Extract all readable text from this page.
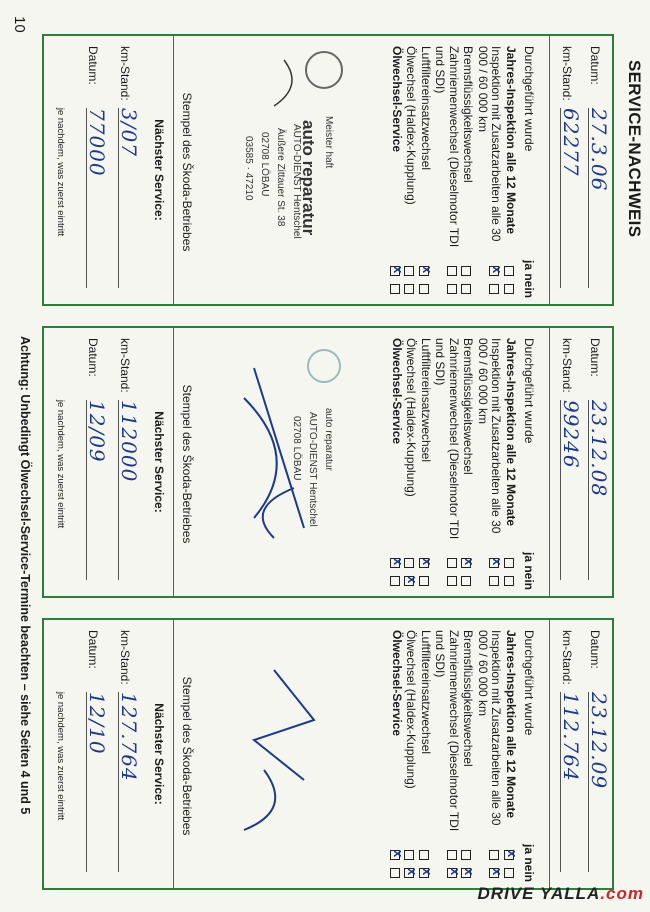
10
SERVICE-NACHWEIS
Datum:
27.3.06
km-Stand:
62277
Durchgeführt wurde
ja nein
Jahres-Inspektion alle 12 Monate
Inspektion mit Zusatzarbeiten alle 30 000 / 60 000 km
x
Bremsflüssigkeitswechsel
Zahnriemenwechsel (Dieselmotor TDI und SDI)
Luftfiltereinsatzwechsel
x
Ölwechsel (Haldex-Kupplung)
Ölwechsel-Service
x
Meister haft
auto reparatur
AUTO-DIENST Hentschel
Äußere Zittauer St. 38
02708 LÖBAU
03585 · 47210
Stempel des Škoda-Betriebes
Nächster Service:
km-Stand:
3/07
Datum:
77000
je nachdem, was zuerst eintritt
Datum:
23.12.08
km-Stand:
99246
Durchgeführt wurde
ja nein
Jahres-Inspektion alle 12 Monate
Inspektion mit Zusatzarbeiten alle 30 000 / 60 000 km
x
Bremsflüssigkeitswechsel
x
Zahnriemenwechsel (Dieselmotor TDI und SDI)
Luftfiltereinsatzwechsel
x
Ölwechsel (Haldex-Kupplung)
x
Ölwechsel-Service
x
auto reparatur
AUTO-DIENST Hentschel
02708 LÖBAU
Stempel des Škoda-Betriebes
Nächster Service:
km-Stand:
112000
Datum:
12/09
je nachdem, was zuerst eintritt
Datum:
23.12.09
km-Stand:
112.764
Durchgeführt wurde
ja nein
Jahres-Inspektion alle 12 Monate
x
Inspektion mit Zusatzarbeiten alle 30 000 / 60 000 km
x
Bremsflüssigkeitswechsel
x
Zahnriemenwechsel (Dieselmotor TDI und SDI)
x
Luftfiltereinsatzwechsel
x
Ölwechsel (Haldex-Kupplung)
x
Ölwechsel-Service
x
Stempel des Škoda-Betriebes
Nächster Service:
km-Stand:
127.764
Datum:
12/10
je nachdem, was zuerst eintritt
Achtung: Unbedingt Ölwechsel-Service-Termine beachten – siehe Seiten 4 und 5
DRIVE YALLA.com
